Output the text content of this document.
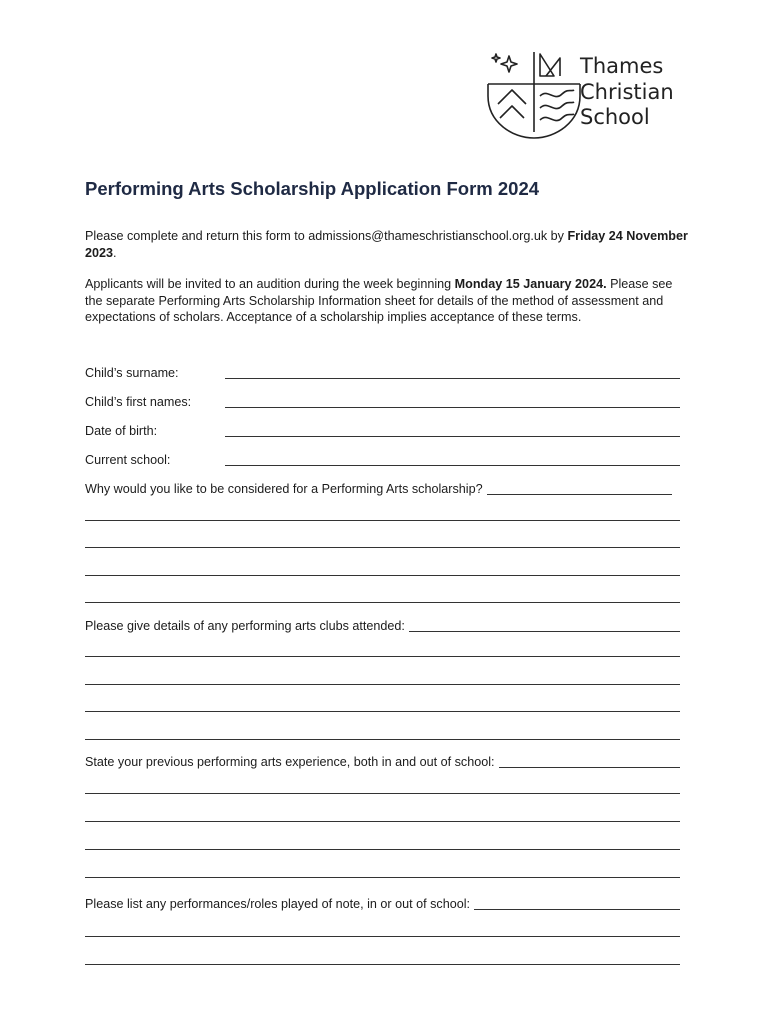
Thames
Christian
School
Performing Arts Scholarship Application Form 2024

Please complete and return this form to admissions@thameschristianschool.org.uk by Friday 24 November 2023.

Applicants will be invited to an audition during the week beginning Monday 15 January 2024. Please see the separate Performing Arts Scholarship Information sheet for details of the method of assessment and expectations of scholars. Acceptance of a scholarship implies acceptance of these terms.

Child’s surname:
Child’s first names:
Date of birth:
Current school:
Why would you like to be considered for a Performing Arts scholarship?
Please give details of any performing arts clubs attended:
State your previous performing arts experience, both in and out of school:
Please list any performances/roles played of note, in or out of school:
